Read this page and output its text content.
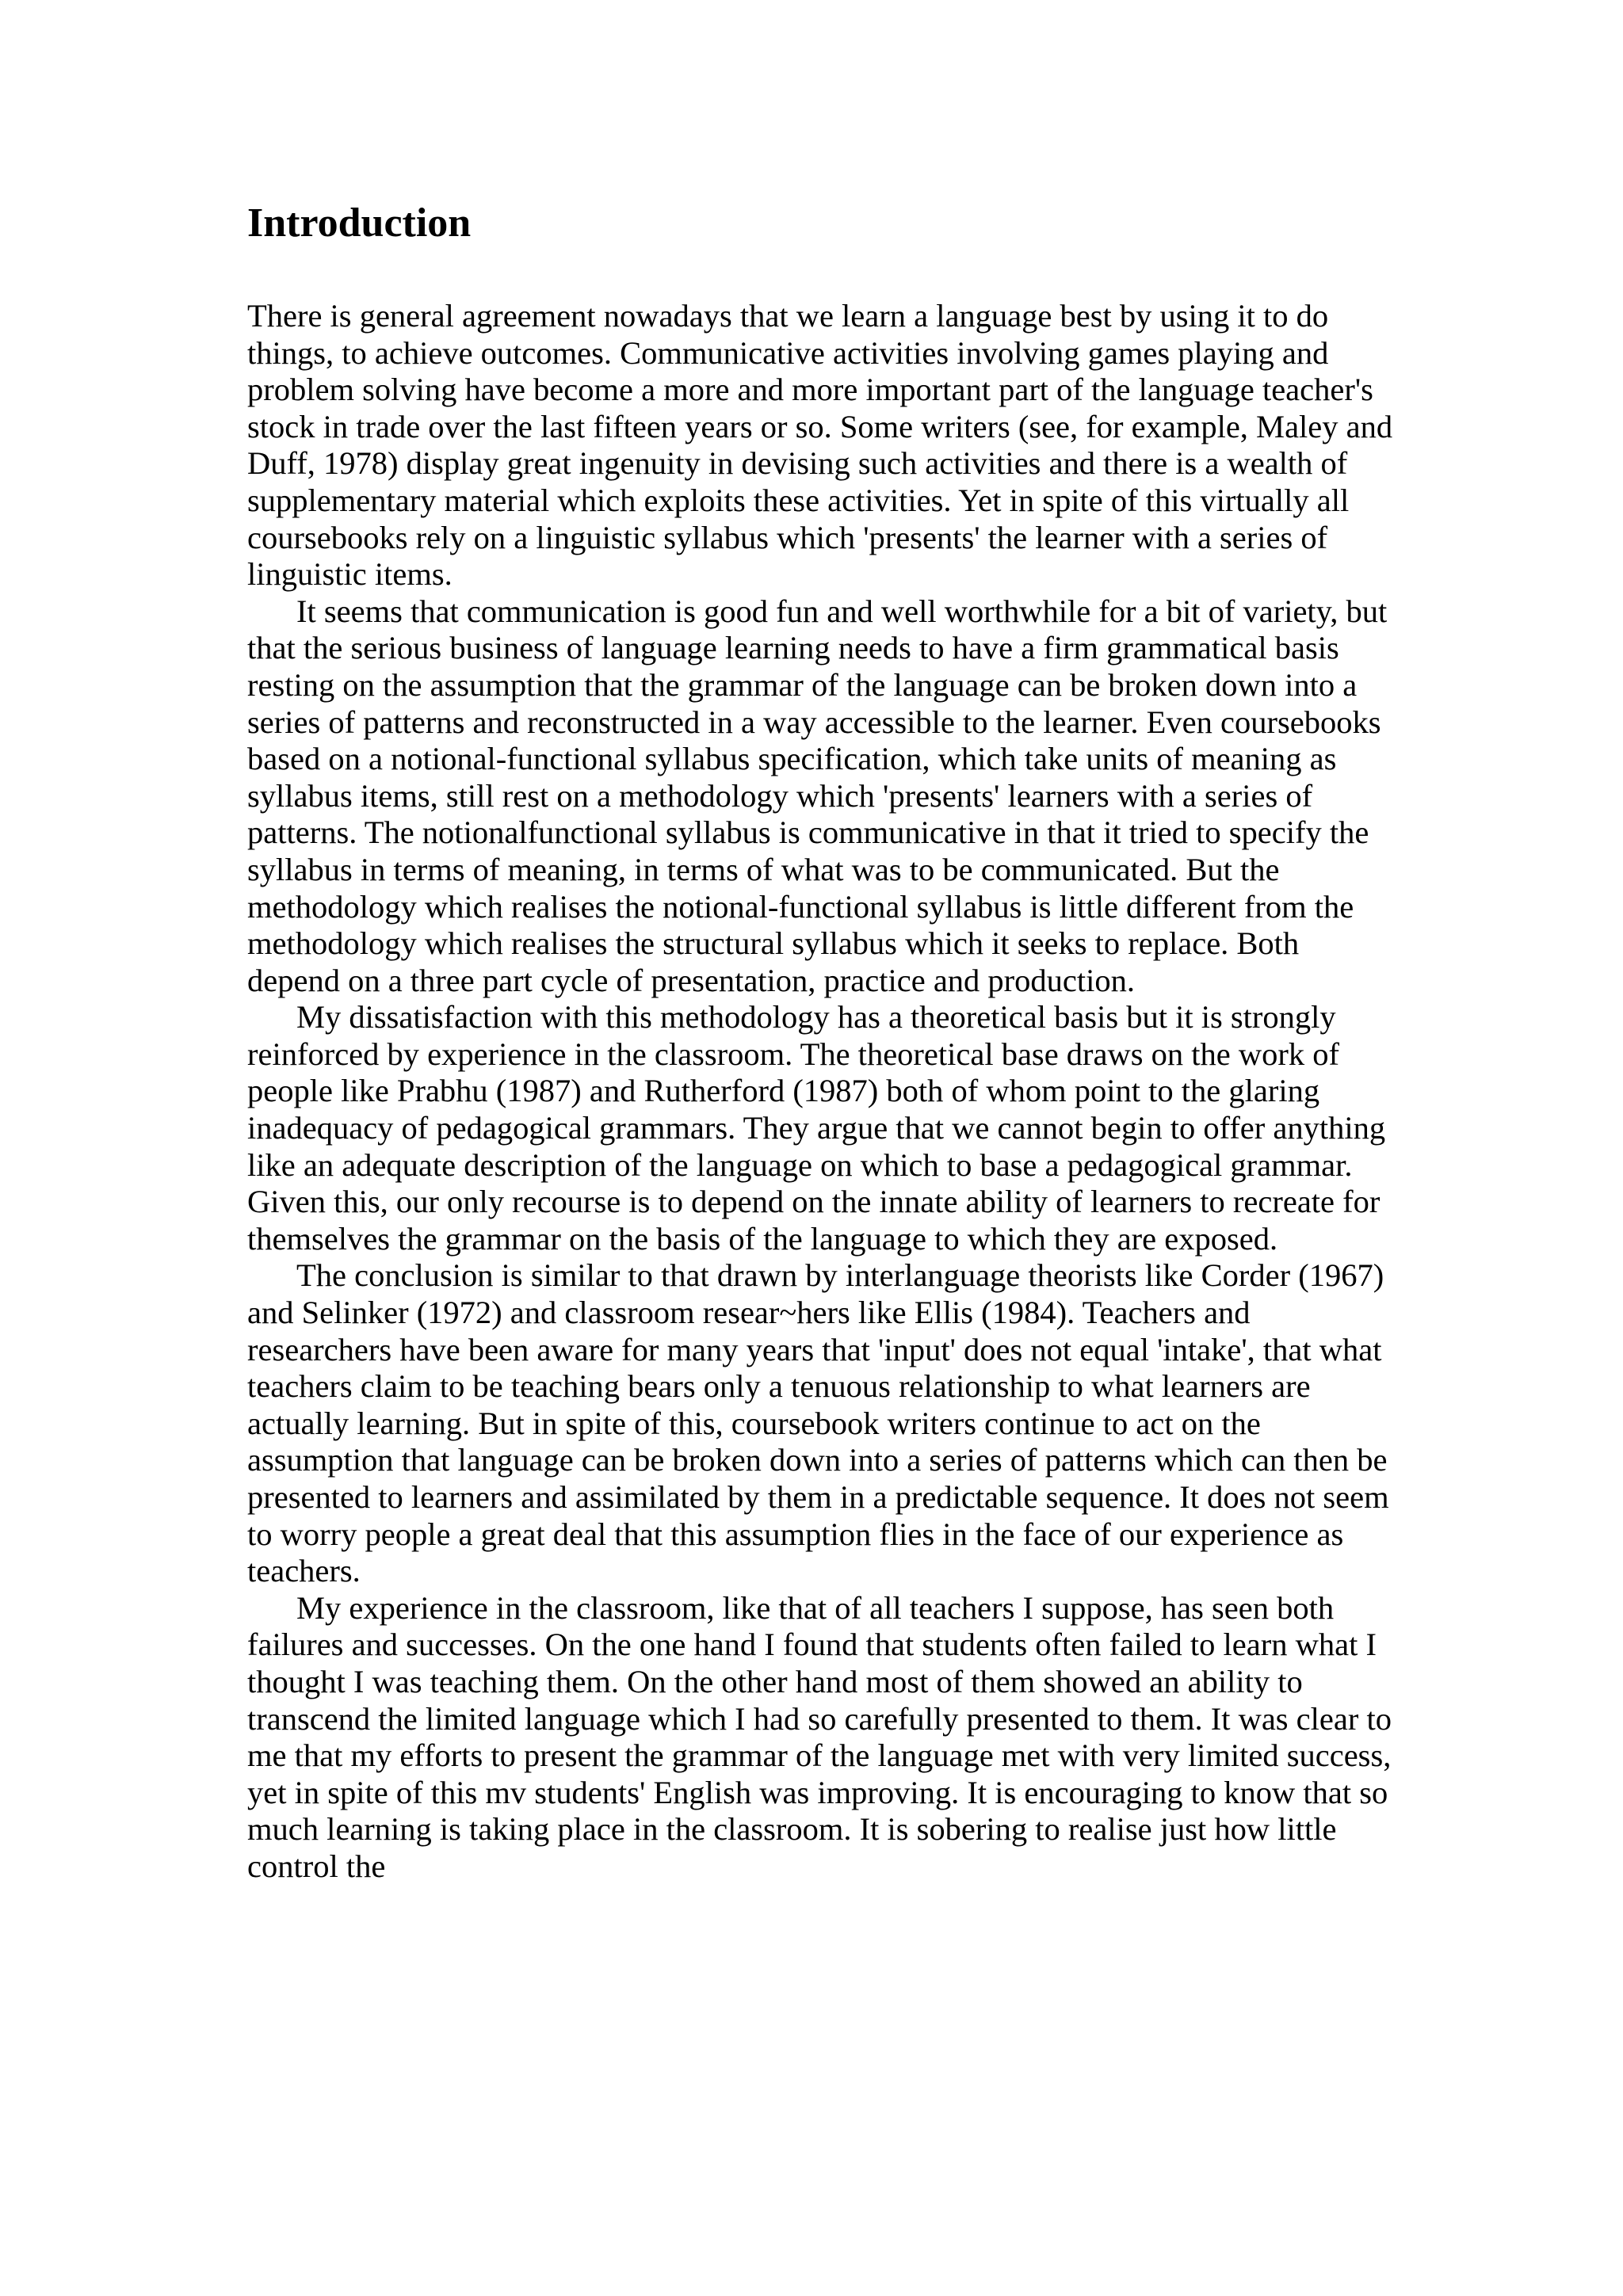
Introduction

There is general agreement nowadays that we learn a language best by using it to do things, to achieve outcomes. Communicative activities involving games playing and problem solving have become a more and more important part of the language teacher's stock in trade over the last fifteen years or so. Some writers (see, for example, Maley and Duff, 1978) display great ingenuity in devising such activities and there is a wealth of supplementary material which exploits these activities. Yet in spite of this virtually all coursebooks rely on a linguistic syllabus which 'presents' the learner with a series of linguistic items.

It seems that communication is good fun and well worthwhile for a bit of variety, but that the serious business of language learning needs to have a firm grammatical basis resting on the assumption that the grammar of the language can be broken down into a series of patterns and reconstructed in a way accessible to the learner. Even coursebooks based on a notional-functional syllabus specification, which take units of meaning as syllabus items, still rest on a methodology which 'presents' learners with a series of patterns. The notionalfunctional syllabus is communicative in that it tried to specify the syllabus in terms of meaning, in terms of what was to be communicated. But the methodology which realises the notional-functional syllabus is little different from the methodology which realises the structural syllabus which it seeks to replace. Both depend on a three part cycle of presentation, practice and production.

My dissatisfaction with this methodology has a theoretical basis but it is strongly reinforced by experience in the classroom. The theoretical base draws on the work of people like Prabhu (1987) and Rutherford (1987) both of whom point to the glaring inadequacy of pedagogical grammars. They argue that we cannot begin to offer anything like an adequate description of the language on which to base a pedagogical grammar. Given this, our only recourse is to depend on the innate ability of learners to recreate for themselves the grammar on the basis of the language to which they are exposed.

The conclusion is similar to that drawn by interlanguage theorists like Corder (1967) and Selinker (1972) and classroom resear~hers like Ellis (1984). Teachers and researchers have been aware for many years that 'input' does not equal 'intake', that what teachers claim to be teaching bears only a tenuous relationship to what learners are actually learning. But in spite of this, coursebook writers continue to act on the assumption that language can be broken down into a series of patterns which can then be presented to learners and assimilated by them in a predictable sequence. It does not seem to worry people a great deal that this assumption flies in the face of our experience as teachers.

My experience in the classroom, like that of all teachers I suppose, has seen both failures and successes. On the one hand I found that students often failed to learn what I thought I was teaching them. On the other hand most of them showed an ability to transcend the limited language which I had so carefully presented to them. It was clear to me that my efforts to present the grammar of the language met with very limited success, yet in spite of this mv students' English was improving. It is encouraging to know that so much learning is taking place in the classroom. It is sobering to realise just how little control the
